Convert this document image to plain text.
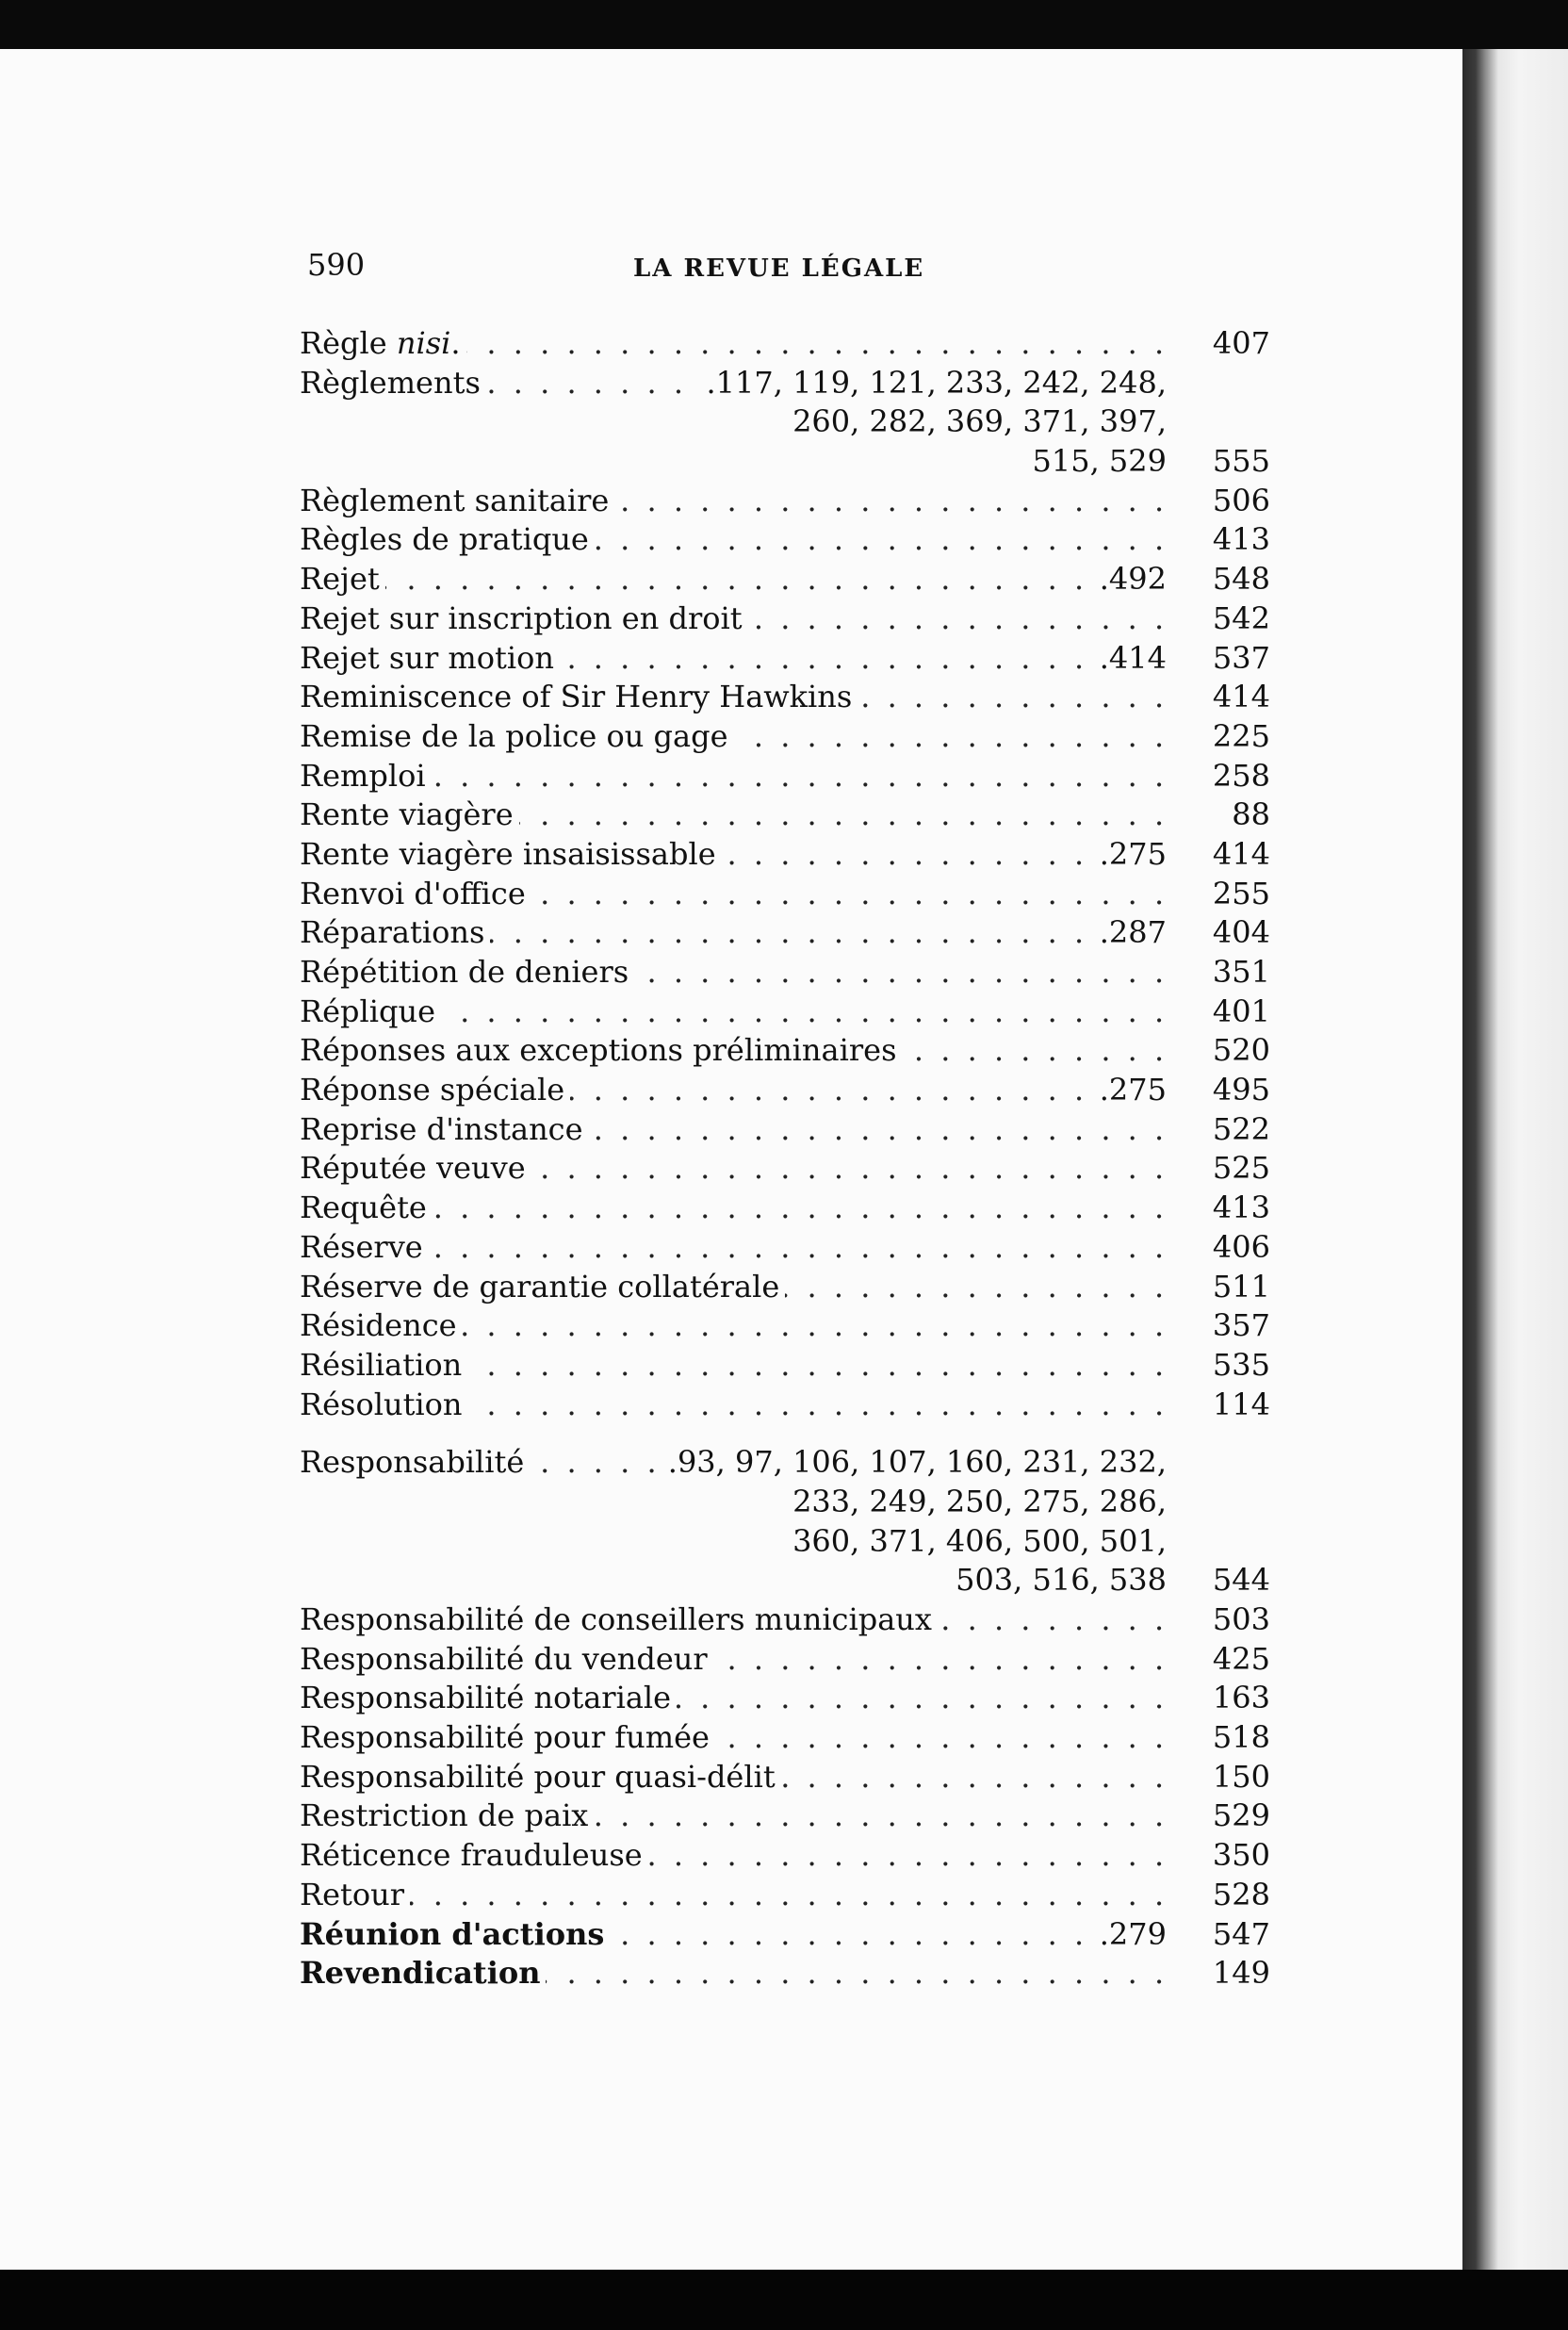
590	LA REVUE LÉGALE
Règle nisi. . . .	407
Règlements . . .	.117, 119, 121, 233, 242, 248,
260, 282, 369, 371, 397,
515, 529	555
Règlement sanitaire . . .	506
Règles de pratique . . .	413
Rejet . . .	.492	548
Rejet sur inscription en droit . . .	542
Rejet sur motion . . .	.414	537
Reminiscence of Sir Henry Hawkins . . .	414
Remise de la police ou gage . . .	225
Remploi . . .	258
Rente viagère . . .	88
Rente viagère insaisissable . . .	.275	414
Renvoi d'office . . .	255
Réparations . . .	.287	404
Répétition de deniers . . .	351
Réplique . . .	401
Réponses aux exceptions préliminaires . . .	520
Réponse spéciale . . .	.275	495
Reprise d'instance . . .	522
Réputée veuve . . .	525
Requête . . .	413
Réserve . . .	406
Réserve de garantie collatérale . . .	511
Résidence . . .	357
Résiliation . . .	535
Résolution . . .	114
Responsabilité . . .	.93, 97, 106, 107, 160, 231, 232,
233, 249, 250, 275, 286,
360, 371, 406, 500, 501,
503, 516, 538	544
Responsabilité de conseillers municipaux . . .	503
Responsabilité du vendeur . . .	425
Responsabilité notariale . . .	163
Responsabilité pour fumée . . .	518
Responsabilité pour quasi-délit . . .	150
Restriction de paix . . .	529
Réticence frauduleuse . . .	350
Retour . . .	528
Réunion d'actions . . .	.279	547
Revendication . . .	149
